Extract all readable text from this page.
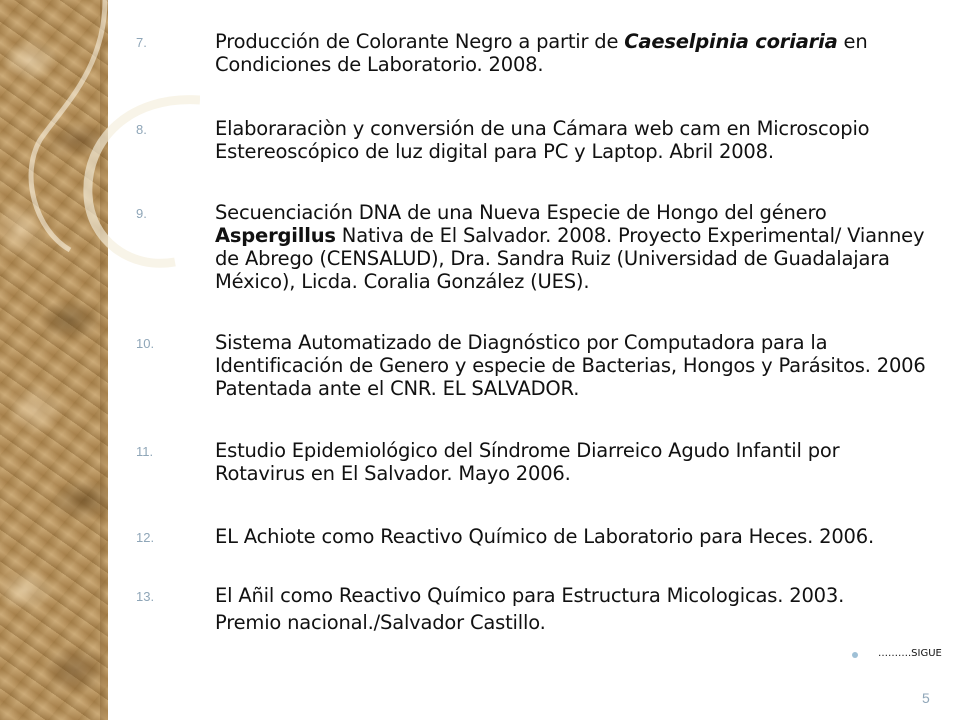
7.	Producción de Colorante Negro a partir de Caeselpinia coriaria en
Condiciones de Laboratorio. 2008.
8.	Elaboraraciòn y conversión de una Cámara web cam en Microscopio
Estereoscópico de luz digital para PC y Laptop. Abril 2008.
9.	Secuenciación DNA de una Nueva Especie de Hongo del género
Aspergillus Nativa de El Salvador. 2008. Proyecto Experimental/ Vianney
de Abrego (CENSALUD), Dra. Sandra Ruiz (Universidad de Guadalajara
México), Licda. Coralia González (UES).
10.	Sistema Automatizado de Diagnóstico por Computadora para la
Identificación de Genero y especie de Bacterias, Hongos y Parásitos. 2006
Patentada ante el CNR. EL SALVADOR.
11.	Estudio Epidemiológico del Síndrome Diarreico Agudo Infantil por
Rotavirus en El Salvador. Mayo 2006.
12.	EL Achiote como Reactivo Químico de Laboratorio para Heces. 2006.
13.	El Añil como Reactivo Químico para Estructura Micologicas. 2003.
Premio nacional./Salvador Castillo.
……….SIGUE
5
